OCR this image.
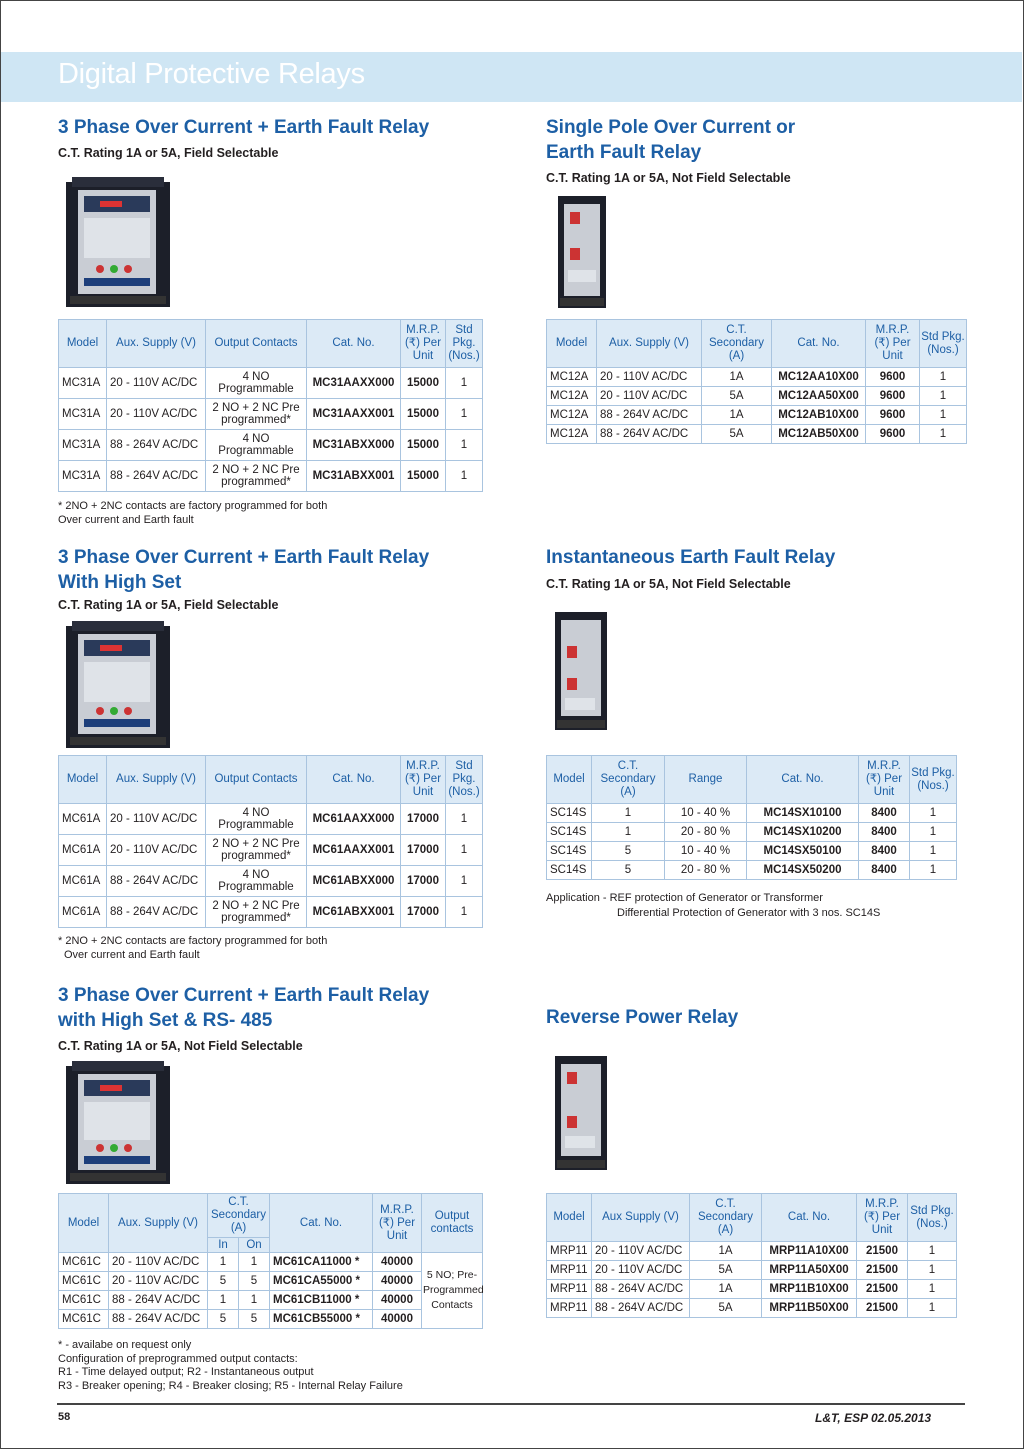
Digital Protective Relays
3 Phase Over Current + Earth Fault Relay
C.T. Rating 1A or 5A, Field Selectable
Model	Aux. Supply (V)	Output Contacts	Cat. No.	M.R.P. (₹) Per Unit	Std Pkg. (Nos.)
MC31A	20 - 110V AC/DC	4 NO Programmable	MC31AAXX000	15000	1
MC31A	20 - 110V AC/DC	2 NO + 2 NC Pre programmed*	MC31AAXX001	15000	1
MC31A	88 - 264V AC/DC	4 NO Programmable	MC31ABXX000	15000	1
MC31A	88 - 264V AC/DC	2 NO + 2 NC Pre programmed*	MC31ABXX001	15000	1
* 2NO + 2NC contacts are factory programmed for both
Over current and Earth fault
Single Pole Over Current or
Earth Fault Relay
C.T. Rating 1A or 5A, Not Field Selectable
Model	Aux. Supply (V)	C.T. Secondary (A)	Cat. No.	M.R.P. (₹) Per Unit	Std Pkg. (Nos.)
MC12A	20 - 110V AC/DC	1A	MC12AA10X00	9600	1
MC12A	20 - 110V AC/DC	5A	MC12AA50X00	9600	1
MC12A	88 - 264V AC/DC	1A	MC12AB10X00	9600	1
MC12A	88 - 264V AC/DC	5A	MC12AB50X00	9600	1
3 Phase Over Current + Earth Fault Relay
With High Set
C.T. Rating 1A or 5A, Field Selectable
Model	Aux. Supply (V)	Output Contacts	Cat. No.	M.R.P. (₹) Per Unit	Std Pkg. (Nos.)
MC61A	20 - 110V AC/DC	4 NO Programmable	MC61AAXX000	17000	1
MC61A	20 - 110V AC/DC	2 NO + 2 NC Pre programmed*	MC61AAXX001	17000	1
MC61A	88 - 264V AC/DC	4 NO Programmable	MC61ABXX000	17000	1
MC61A	88 - 264V AC/DC	2 NO + 2 NC Pre programmed*	MC61ABXX001	17000	1
* 2NO + 2NC contacts are factory programmed for both
Over current and Earth fault
Instantaneous Earth Fault Relay
C.T. Rating 1A or 5A, Not Field Selectable
Model	C.T. Secondary (A)	Range	Cat. No.	M.R.P. (₹) Per Unit	Std Pkg. (Nos.)
SC14S	1	10 - 40 %	MC14SX10100	8400	1
SC14S	1	20 - 80 %	MC14SX10200	8400	1
SC14S	5	10 - 40 %	MC14SX50100	8400	1
SC14S	5	20 - 80 %	MC14SX50200	8400	1
Application - REF protection of Generator or Transformer
Differential Protection of Generator with 3 nos. SC14S
3 Phase Over Current + Earth Fault Relay
with High Set & RS- 485
C.T. Rating 1A or 5A, Not Field Selectable
Model	Aux. Supply (V)	C.T. Secondary (A)		Cat. No.	M.R.P. (₹) Per Unit	Output contacts
		In	On			
MC61C	20 - 110V AC/DC	1	1	MC61CA11000 *	40000	5 NO; Pre-Programmed Contacts
MC61C	20 - 110V AC/DC	5	5	MC61CA55000 *	40000	
MC61C	88 - 264V AC/DC	1	1	MC61CB11000 *	40000	
MC61C	88 - 264V AC/DC	5	5	MC61CB55000 *	40000	
* - availabe on request only
Configuration of preprogrammed output contacts:
R1 - Time delayed output; R2 - Instantaneous output
R3 - Breaker opening; R4 - Breaker closing; R5 - Internal Relay Failure
Reverse Power Relay
Model	Aux Supply (V)	C.T. Secondary (A)	Cat. No.	M.R.P. (₹) Per Unit	Std Pkg. (Nos.)
MRP11	20 - 110V AC/DC	1A	MRP11A10X00	21500	1
MRP11	20 - 110V AC/DC	5A	MRP11A50X00	21500	1
MRP11	88 - 264V AC/DC	1A	MRP11B10X00	21500	1
MRP11	88 - 264V AC/DC	5A	MRP11B50X00	21500	1
58	L&T, ESP 02.05.2013
